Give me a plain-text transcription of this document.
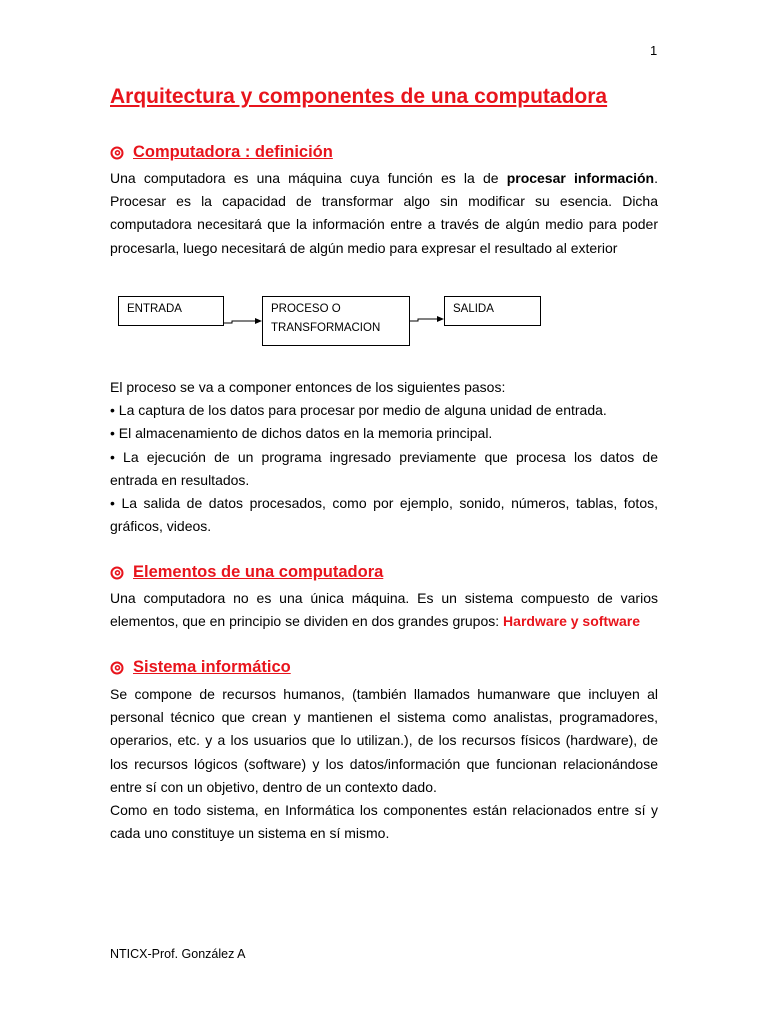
1
Arquitectura y componentes de una computadora
Computadora : definición

Una computadora es una máquina cuya función es la de procesar información. Procesar es la capacidad de transformar algo sin modificar su esencia. Dicha computadora necesitará que la información entre a través de algún medio para poder procesarla, luego necesitará de algún medio para expresar el resultado al exterior

ENTRADA	PROCESO O
TRANSFORMACION
SALIDA
El proceso se va a componer entonces de los siguientes pasos:
• La captura de los datos para procesar por medio de alguna unidad de entrada.
• El almacenamiento de dichos datos en la memoria principal.
• La ejecución de un programa ingresado previamente que procesa los datos de entrada en resultados.
• La salida de datos procesados, como por ejemplo, sonido, números, tablas, fotos, gráficos, videos.
Elementos de una computadora

Una computadora no es una única máquina. Es un sistema compuesto de varios elementos, que en principio se dividen en dos grandes grupos: Hardware y software

Sistema informático

Se compone de recursos humanos, (también llamados humanware que incluyen al personal técnico que crean y mantienen el sistema como analistas, programadores, operarios, etc. y a los usuarios que lo utilizan.), de los recursos físicos (hardware), de los recursos lógicos (software) y los datos/información que funcionan relacionándose entre sí con un objetivo, dentro de un contexto dado.

Como en todo sistema, en Informática los componentes están relacionados entre sí y cada uno constituye un sistema en sí mismo.

NTICX-Prof. González A
